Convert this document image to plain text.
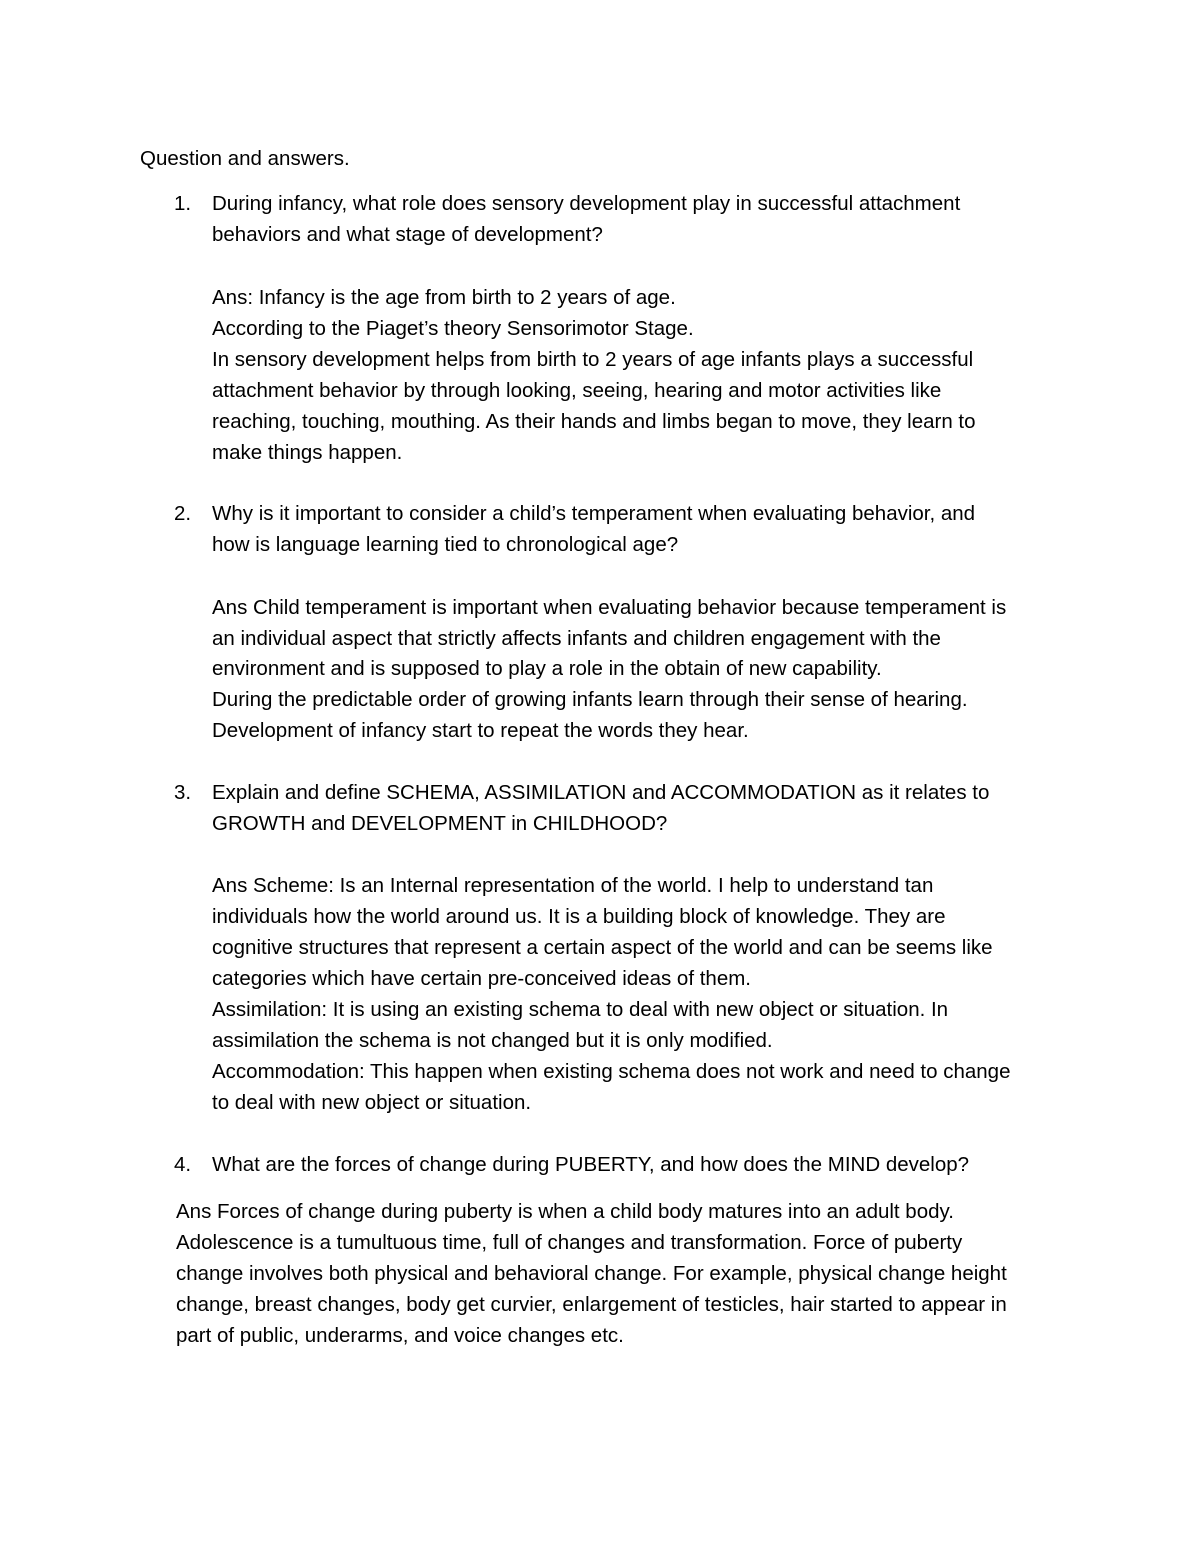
Question and answers.
1. During infancy, what role does sensory development play in successful attachment
behaviors and what stage of development?
Ans: Infancy is the age from birth to 2 years of age.
According to the Piaget’s theory Sensorimotor Stage.
In sensory development helps from birth to 2 years of age infants plays a successful
attachment behavior by through looking, seeing, hearing and motor activities like
reaching, touching, mouthing. As their hands and limbs began to move, they learn to
make things happen.
2. Why is it important to consider a child’s temperament when evaluating behavior, and
how is language learning tied to chronological age?
Ans Child temperament is important when evaluating behavior because temperament is
an individual aspect that strictly affects infants and children engagement with the
environment and is supposed to play a role in the obtain of new capability.
During the predictable order of growing infants learn through their sense of hearing.
Development of infancy start to repeat the words they hear.
3. Explain and define SCHEMA, ASSIMILATION and ACCOMMODATION as it relates to
GROWTH and DEVELOPMENT in CHILDHOOD?
Ans Scheme: Is an Internal representation of the world. I help to understand tan
individuals how the world around us. It is a building block of knowledge. They are
cognitive structures that represent a certain aspect of the world and can be seems like
categories which have certain pre-conceived ideas of them.
Assimilation: It is using an existing schema to deal with new object or situation. In
assimilation the schema is not changed but it is only modified.
Accommodation: This happen when existing schema does not work and need to change
to deal with new object or situation.
4. What are the forces of change during PUBERTY, and how does the MIND develop?
Ans Forces of change during puberty is when a child body matures into an adult body.
Adolescence is a tumultuous time, full of changes and transformation. Force of puberty
change involves both physical and behavioral change. For example, physical change height
change, breast changes, body get curvier, enlargement of testicles, hair started to appear in
part of public, underarms, and voice changes etc.
